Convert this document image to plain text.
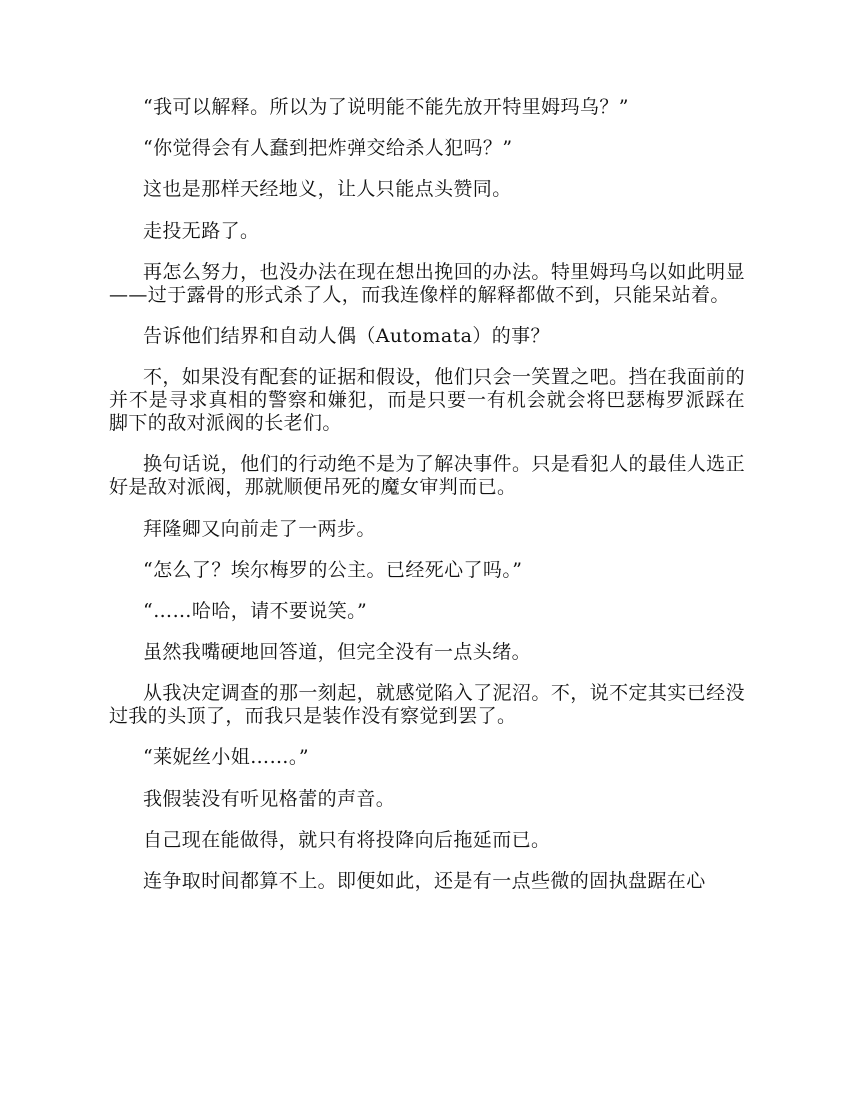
“我可以解释。所以为了说明能不能先放开特里姆玛乌？”

“你觉得会有人蠢到把炸弹交给杀人犯吗？”

这也是那样天经地义，让人只能点头赞同。

走投无路了。

再怎么努力，也没办法在现在想出挽回的办法。特里姆玛乌以如此明显——过于露骨的形式杀了人，而我连像样的解释都做不到，只能呆站着。

告诉他们结界和自动人偶（Automata）的事？

不，如果没有配套的证据和假设，他们只会一笑置之吧。挡在我面前的并不是寻求真相的警察和嫌犯，而是只要一有机会就会将巴瑟梅罗派踩在脚下的敌对派阀的长老们。

换句话说，他们的行动绝不是为了解决事件。只是看犯人的最佳人选正好是敌对派阀，那就顺便吊死的魔女审判而已。

拜隆卿又向前走了一两步。

“怎么了？埃尔梅罗的公主。已经死心了吗。”

“……哈哈，请不要说笑。”

虽然我嘴硬地回答道，但完全没有一点头绪。

从我决定调查的那一刻起，就感觉陷入了泥沼。不，说不定其实已经没过我的头顶了，而我只是装作没有察觉到罢了。

“莱妮丝小姐……。”

我假装没有听见格蕾的声音。

自己现在能做得，就只有将投降向后拖延而已。

连争取时间都算不上。即便如此，还是有一点些微的固执盘踞在心
